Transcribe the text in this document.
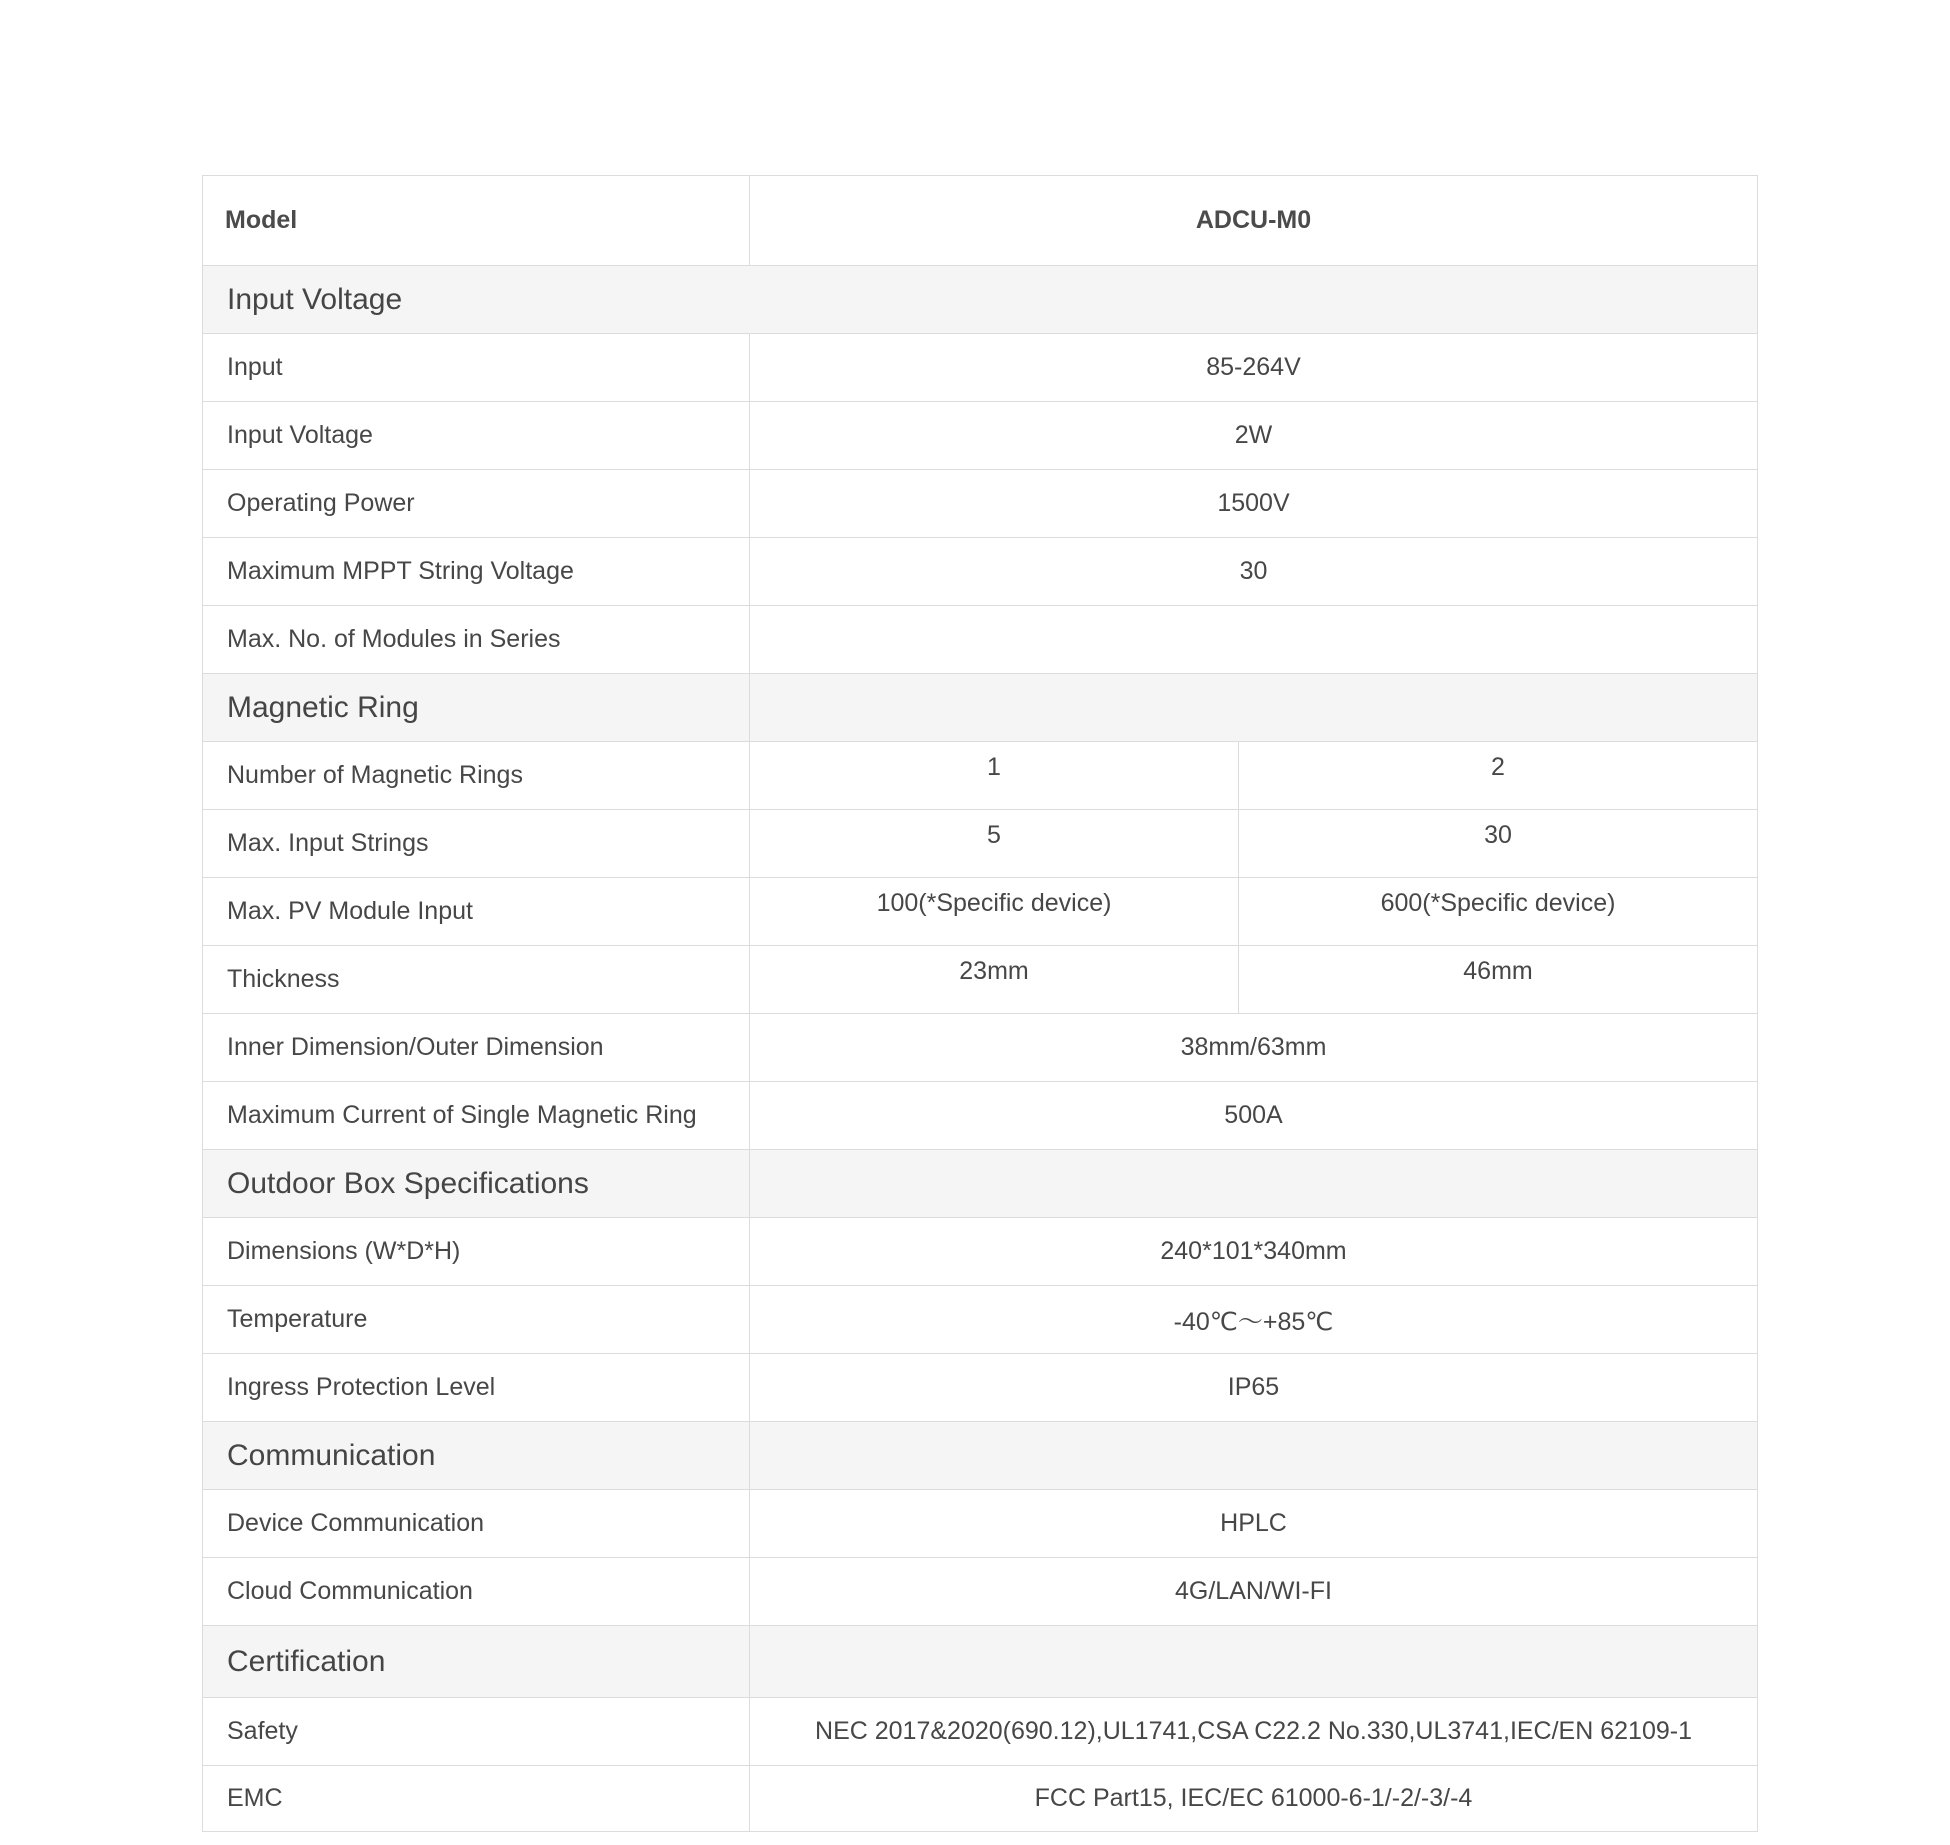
Model	ADCU-M0	
Input Voltage		
Input	85-264V	
Input Voltage	2W	
Operating Power	1500V	
Maximum MPPT String Voltage	30	
Max. No. of Modules in Series		
Magnetic Ring		
Number of Magnetic Rings	1	2
Max. Input Strings	5	30
Max. PV Module Input	100(*Specific device)	600(*Specific device)
Thickness	23mm	46mm
Inner Dimension/Outer Dimension	38mm/63mm	
Maximum Current of Single Magnetic Ring	500A	
Outdoor Box Specifications		
Dimensions (W*D*H)	240*101*340mm	
Temperature	-40℃～+85℃	
Ingress Protection Level	IP65	
Communication		
Device Communication	HPLC	
Cloud Communication	4G/LAN/WI-FI	
Certification		
Safety	NEC 2017&2020(690.12),UL1741,CSA C22.2 No.330,UL3741,IEC/EN 62109-1	
EMC	FCC Part15, IEC/EC 61000-6-1/-2/-3/-4	
